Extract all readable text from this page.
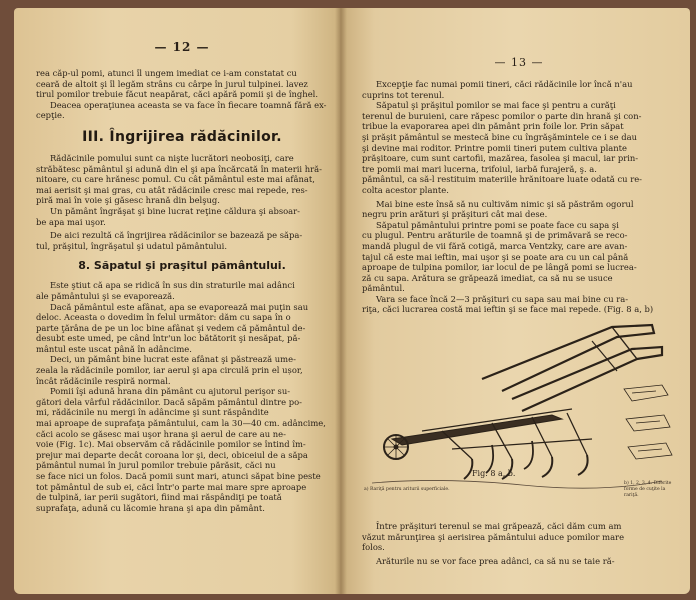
— 12 —

rea căp-ul pomi, atunci îl ungem imediat ce i-am constatat cu

ceară de altoit şi îl legăm strâns cu cârpe în jurul tulpinei. lavez

tirul pomilor trebuie făcut neapărat, căci apără pomii şi de înghel.

Deacea operaţiunea aceasta se va face în fiecare toamnă fără ex-

cepţie.

III. Îngrijirea rădăcinilor.

Rădăcinile pomului sunt ca nişte lucrători neobosiţi, care

străbătesc pământul şi adună din el şi apa încărcată în materii hră-

nitoare, cu care hrănesc pomul. Cu cât pământul este mai afânat,

mai aerisit şi mai gras, cu atât rădăcinile cresc mai repede, res-

piră mai în voie şi găsesc hrană din belşug.

Un pământ îngrăşat şi bine lucrat reţine căldura şi absoar-

be apa mai uşor.

De aici rezultă că îngrijirea rădăcinilor se bazează pe săpa-

tul, prăşitul, îngrăşatul şi udatul pământului.

8. Săpatul şi praşitul pământului.

Este ştiut că apa se ridică în sus din straturile mai adânci

ale pământului şi se evaporează.

Dacă pământul este afânat, apa se evaporează mai puţin sau

deloc. Aceasta o dovedim în felul următor: dăm cu sapa în o

parte ţărâna de pe un loc bine afânat şi vedem că pământul de-

desubt este umed, pe când într'un loc bătătorit şi nesăpat, pă-

mântul este uscat până în adâncime.

Deci, un pământ bine lucrat este afânat şi păstrează ume-

zeala la rădăcinile pomilor, iar aerul şi apa circulă prin el ușor,

încât rădăcinile respiră normal.

Pomii îşi adună hrana din pământ cu ajutorul perişor su-

gători dela vârful rădăcinilor. Dacă săpăm pământul dintre po-

mi, rădăcinile nu mergi în adâncime şi sunt răspândite

mai aproape de suprafaţa pământului, cam la 30—40 cm. adâncime,

căci acolo se găsesc mai uşor hrana şi aerul de care au ne-

voie (Fig. 1c). Mai observăm că rădăcinile pomilor se întind îm-

prejur mai departe decât coroana lor şi, deci, obiceiul de a săpa

pământul numai în jurul pomilor trebuie părăsit, căci nu

se face nici un folos. Dacă pomii sunt mari, atunci săpat bine peste

tot pământul de sub ei, căci într'o parte mai mare spre aproape

de tulpină, iar perii sugători, fiind mai răspândiţi pe toată

suprafaţa, adună cu lăcomie hrana şi apa din pământ.

— 13 —

Excepţie fac numai pomii tineri, căci rădăcinile lor încă n'au

cuprins tot terenul.

Săpatul şi prăşitul pomilor se mai face şi pentru a curăţi

terenul de buruieni, care răpesc pomilor o parte din hrană şi con-

tribue la evaporarea apei din pământ prin foile lor. Prin săpat

şi prăşit pământul se mestecă bine cu îngrăşămintele ce i se dau

şi devine mai roditor. Printre pomii tineri putem cultiva plante

prăşitoare, cum sunt cartofii, mazărea, fasolea şi macul, iar prin-

tre pomii mai mari lucerna, trifoiul, iarbă furajeră, ş. a.

pământul, ca să-l restituim materiile hrănitoare luate odată cu re-

colta acestor plante.

Mai bine este însă să nu cultivăm nimic şi să păstrăm ogorul

negru prin arături şi prăşituri cât mai dese.

Săpatul pământului printre pomi se poate face cu sapa şi

cu plugul. Pentru arăturile de toamnă şi de primăvară se reco-

mandă plugul de vii fără cotigă, marca Ventzky, care are avan-

tajul că este mai ieftin, mai uşor şi se poate ara cu un cal până

aproape de tulpina pomilor, iar locul de pe lângă pomi se lucrea-

ză cu sapa. Arătura se grăpează imediat, ca să nu se usuce

pământul.

Vara se face încă 2—3 prăşituri cu sapa sau mai bine cu ra-

riţa, căci lucrarea costă mai ieftin şi se face mai repede. (Fig. 8 a, b)

Fig. 8 a, b.
a) Rariţă pentru ariturii superficiale.
b) 1, 2, 3, 4. Diferite forme de cuţite la rariţă.

Între prăşituri terenul se mai grăpează, căci dăm cum am

văzut mărunţirea şi aerisirea pământului aduce pomilor mare

folos.

Arăturile nu se vor face prea adânci, ca să nu se taie ră-
